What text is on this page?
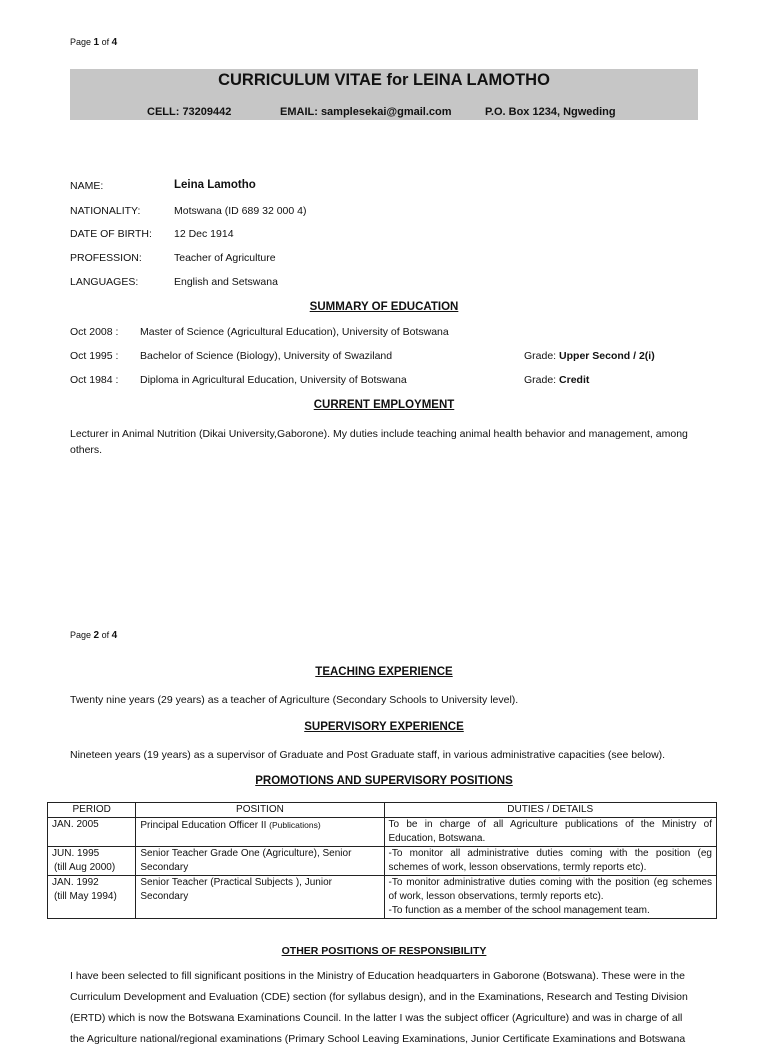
Page 1 of 4
CURRICULUM VITAE for LEINA LAMOTHO
CELL: 73209442	EMAIL: samplesekai@gmail.com	P.O. Box 1234, Ngweding
NAME:	Leina Lamotho
NATIONALITY:	Motswana (ID 689 32 000 4)
DATE OF BIRTH: 12 Dec 1914
PROFESSION:	Teacher of Agriculture
LANGUAGES:	English and Setswana
SUMMARY OF EDUCATION
Oct 2008 : Master of Science (Agricultural Education), University of Botswana
Oct 1995 : Bachelor of Science (Biology), University of Swaziland	Grade: Upper Second / 2(i)
Oct 1984 : Diploma in Agricultural Education, University of Botswana	Grade: Credit
CURRENT EMPLOYMENT
Lecturer in Animal Nutrition (Dikai University,Gaborone). My duties include teaching animal health behavior and management, among others.
Page 2 of 4
TEACHING EXPERIENCE
Twenty nine years (29 years) as a teacher of Agriculture (Secondary Schools to University level).
SUPERVISORY EXPERIENCE
Nineteen years (19 years) as a supervisor of Graduate and Post Graduate staff, in various administrative capacities (see below).
PROMOTIONS AND SUPERVISORY POSITIONS
PERIOD	POSITION	DUTIES / DETAILS
JAN. 2005	Principal Education Officer II (Publications)	To be in charge of all Agriculture publications of the Ministry of Education, Botswana.
JUN. 1995
(till Aug 2000)	Senior Teacher Grade One (Agriculture), Senior Secondary	-To monitor all administrative duties coming with the position (eg schemes of work, lesson observations, termly reports etc).
JAN. 1992
(till May 1994)	Senior Teacher (Practical Subjects ), Junior Secondary	-To monitor administrative duties coming with the position (eg schemes of work, lesson observations, termly reports etc).
-To function as a member of the school management team.
OTHER POSITIONS OF RESPONSIBILITY
I have been selected to fill significant positions in the Ministry of Education headquarters in Gaborone (Botswana). These were in the Curriculum Development and Evaluation (CDE) section (for syllabus design), and in the Examinations, Research and Testing Division (ERTD) which is now the Botswana Examinations Council. In the latter I was the subject officer (Agriculture) and was in charge of all the Agriculture national/regional examinations (Primary School Leaving Examinations, Junior Certificate Examinations and Botswana
